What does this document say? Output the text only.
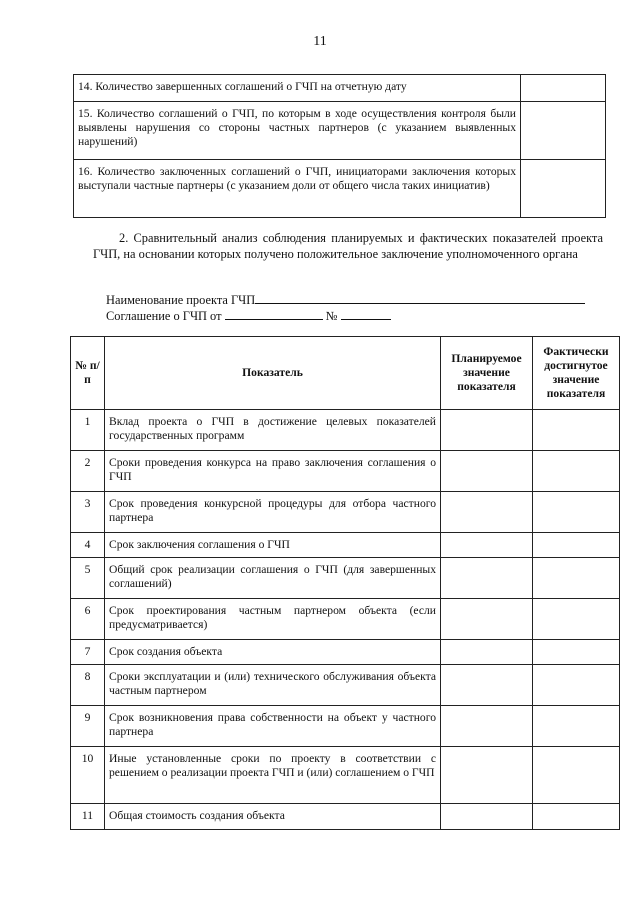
11
14. Количество завершенных соглашений о ГЧП на отчетную дату	
15. Количество соглашений о ГЧП, по которым в ходе осуществления контроля были выявлены нарушения со стороны частных партнеров (с указанием выявленных нарушений)	
16. Количество заключенных соглашений о ГЧП, инициаторами заключения которых выступали частные партнеры (с указанием доли от общего числа таких инициатив)	
2. Сравнительный анализ соблюдения планируемых и фактических показателей проекта ГЧП, на основании которых получено положительное заключение уполномоченного органа
Наименование проекта ГЧП
Соглашение о ГЧП от	№
№ п/п	Показатель	Планируемое значение показателя	Фактически достигнутое значение показателя
1	Вклад проекта о ГЧП в достижение целевых показателей государственных программ		
2	Сроки проведения конкурса на право заключения соглашения о ГЧП		
3	Срок проведения конкурсной процедуры для отбора частного партнера		
4	Срок заключения соглашения о ГЧП		
5	Общий срок реализации соглашения о ГЧП (для завершенных соглашений)		
6	Срок проектирования частным партнером объекта (если предусматривается)		
7	Срок создания объекта		
8	Сроки эксплуатации и (или) технического обслуживания объекта частным партнером		
9	Срок возникновения права собственности на объект у частного партнера		
10	Иные установленные сроки по проекту в соответствии с решением о реализации проекта ГЧП и (или) соглашением о ГЧП		
11	Общая стоимость создания объекта		
